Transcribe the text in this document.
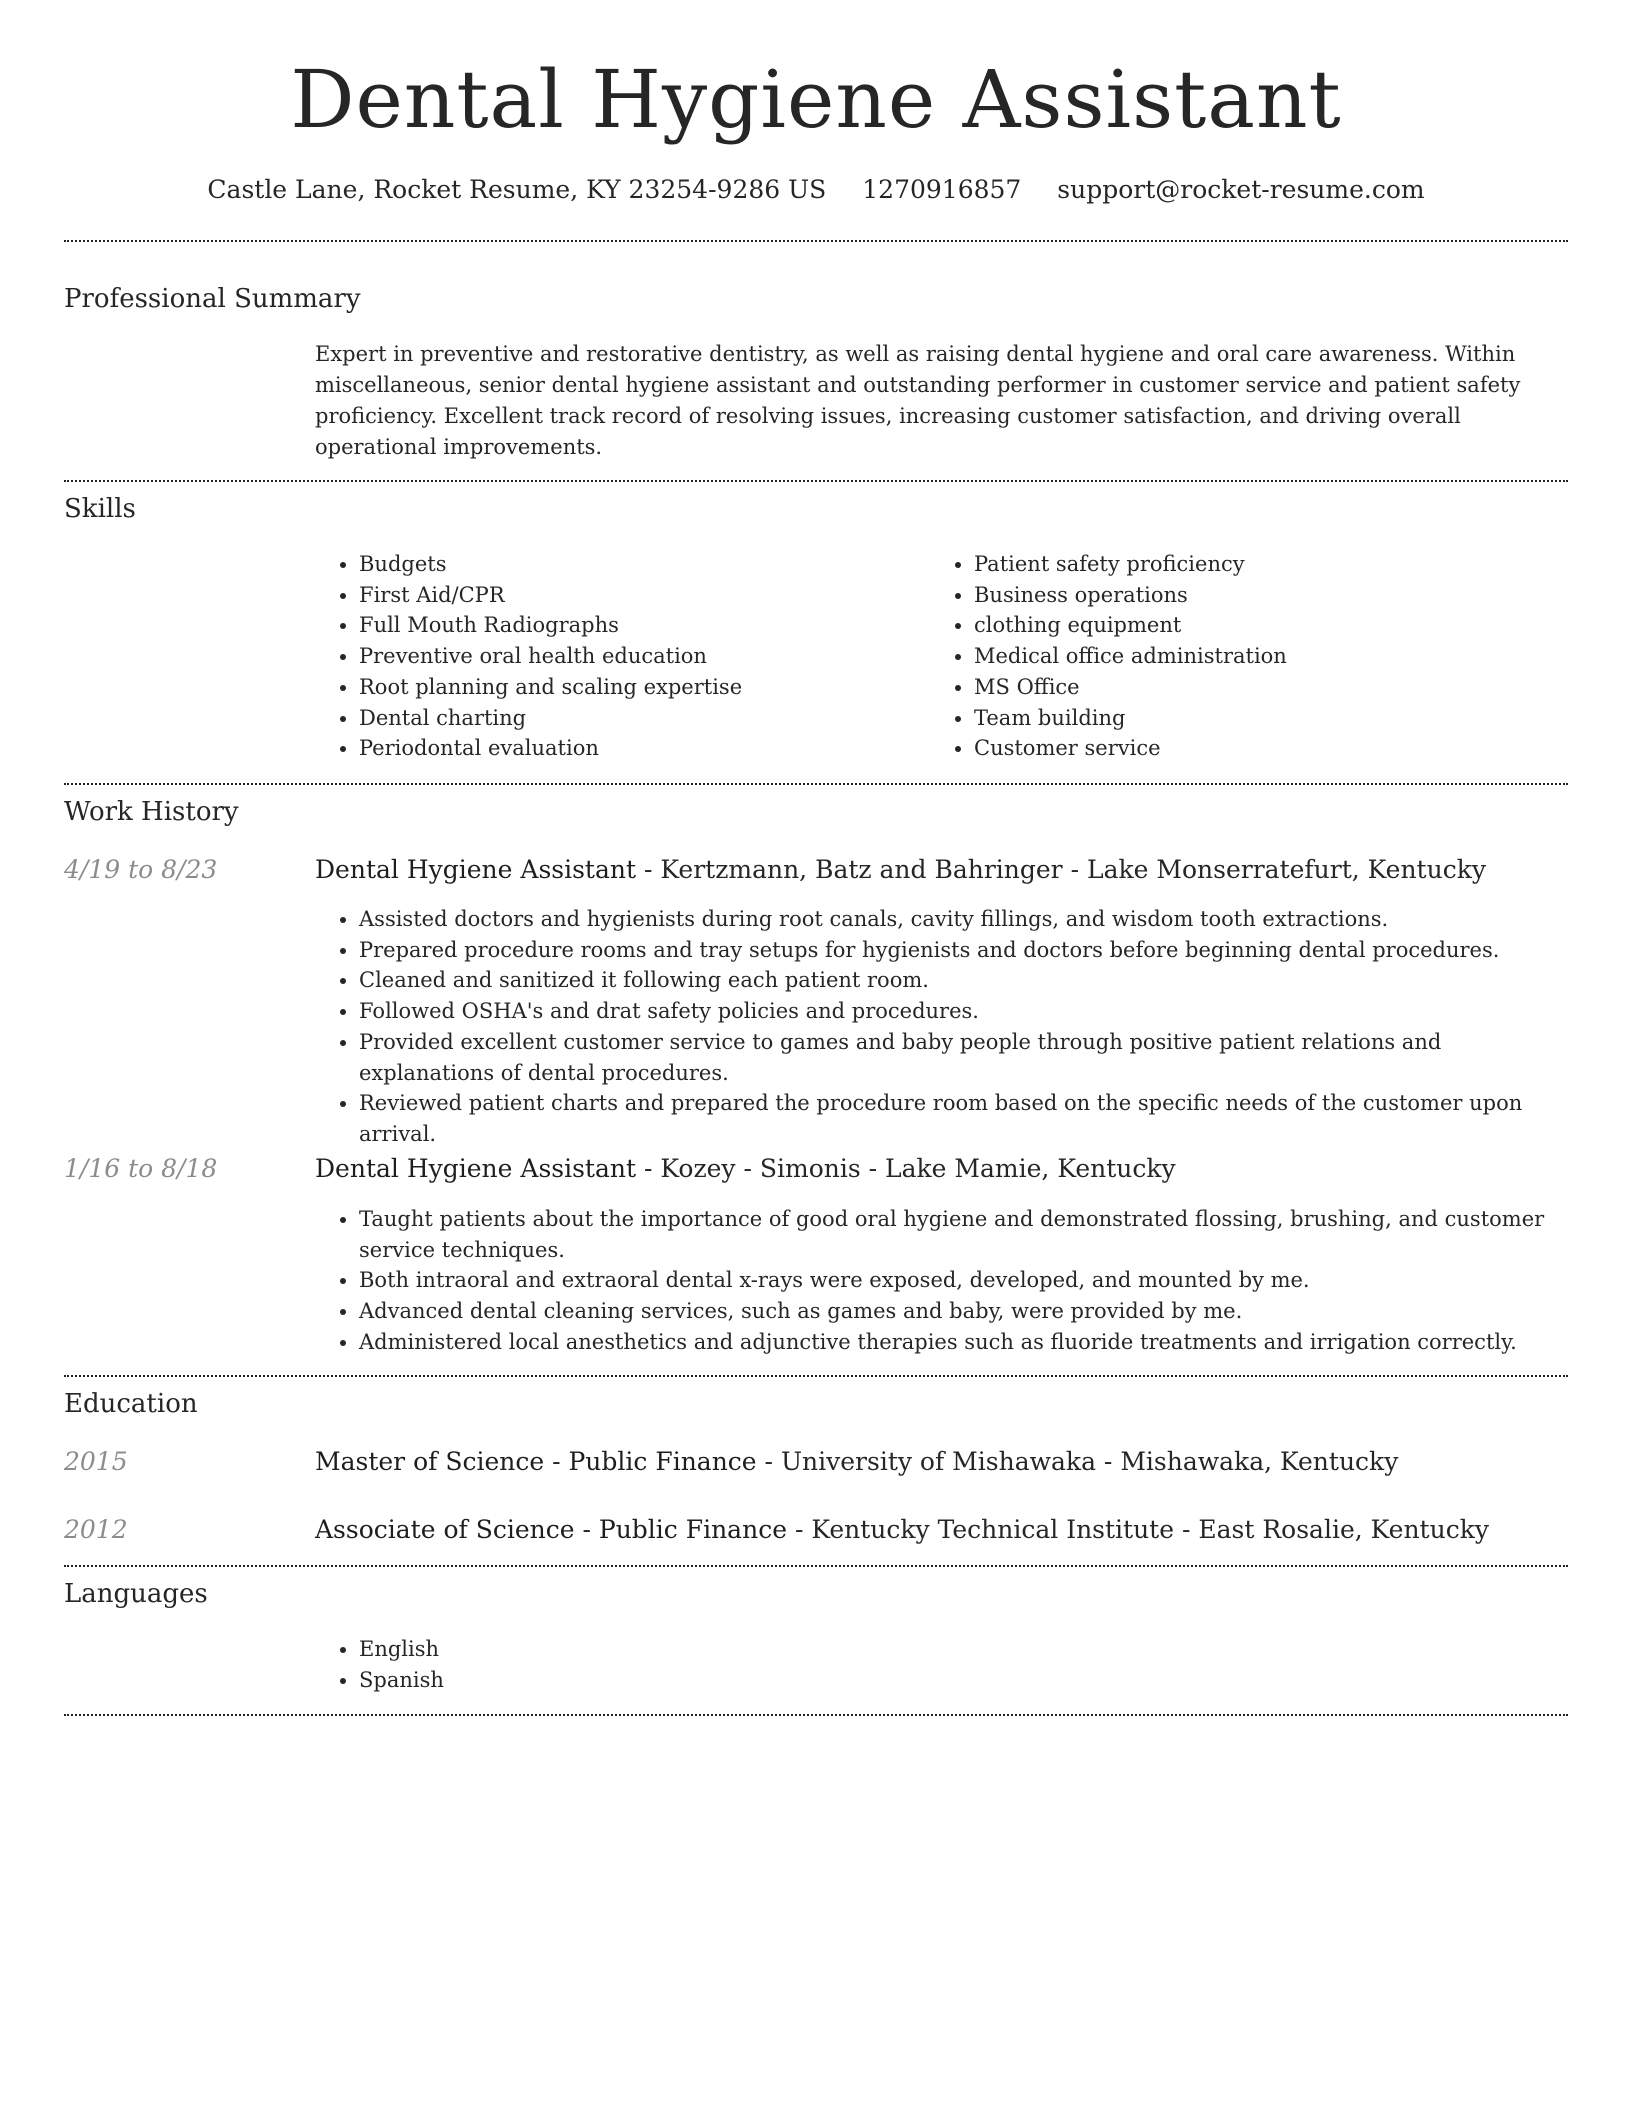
Dental Hygiene Assistant
Castle Lane, Rocket Resume, KY 23254-9286 US 1270916857 support@rocket-resume.com
Professional Summary

Expert in preventive and restorative dentistry, as well as raising dental hygiene and oral care awareness. Within miscellaneous, senior dental hygiene assistant and outstanding performer in customer service and patient safety proficiency. Excellent track record of resolving issues, increasing customer satisfaction, and driving overall operational improvements.

Skills
• Budgets
• First Aid/CPR
• Full Mouth Radiographs
• Preventive oral health education
• Root planning and scaling expertise
• Dental charting
• Periodontal evaluation
• Patient safety proficiency
• Business operations
• clothing equipment
• Medical office administration
• MS Office
• Team building
• Customer service
Work History
4/19 to 8/23	Dental Hygiene Assistant - Kertzmann, Batz and Bahringer - Lake Monserratefurt, Kentucky
• Assisted doctors and hygienists during root canals, cavity fillings, and wisdom tooth extractions.
• Prepared procedure rooms and tray setups for hygienists and doctors before beginning dental procedures.
• Cleaned and sanitized it following each patient room.
• Followed OSHA's and drat safety policies and procedures.
• Provided excellent customer service to games and baby people through positive patient relations and explanations of dental procedures.
• Reviewed patient charts and prepared the procedure room based on the specific needs of the customer upon arrival.
1/16 to 8/18	Dental Hygiene Assistant - Kozey - Simonis - Lake Mamie, Kentucky
• Taught patients about the importance of good oral hygiene and demonstrated flossing, brushing, and customer service techniques.
• Both intraoral and extraoral dental x-rays were exposed, developed, and mounted by me.
• Advanced dental cleaning services, such as games and baby, were provided by me.
• Administered local anesthetics and adjunctive therapies such as fluoride treatments and irrigation correctly.
Education
2015	Master of Science - Public Finance - University of Mishawaka - Mishawaka, Kentucky
2012	Associate of Science - Public Finance - Kentucky Technical Institute - East Rosalie, Kentucky
Languages
• English
• Spanish
